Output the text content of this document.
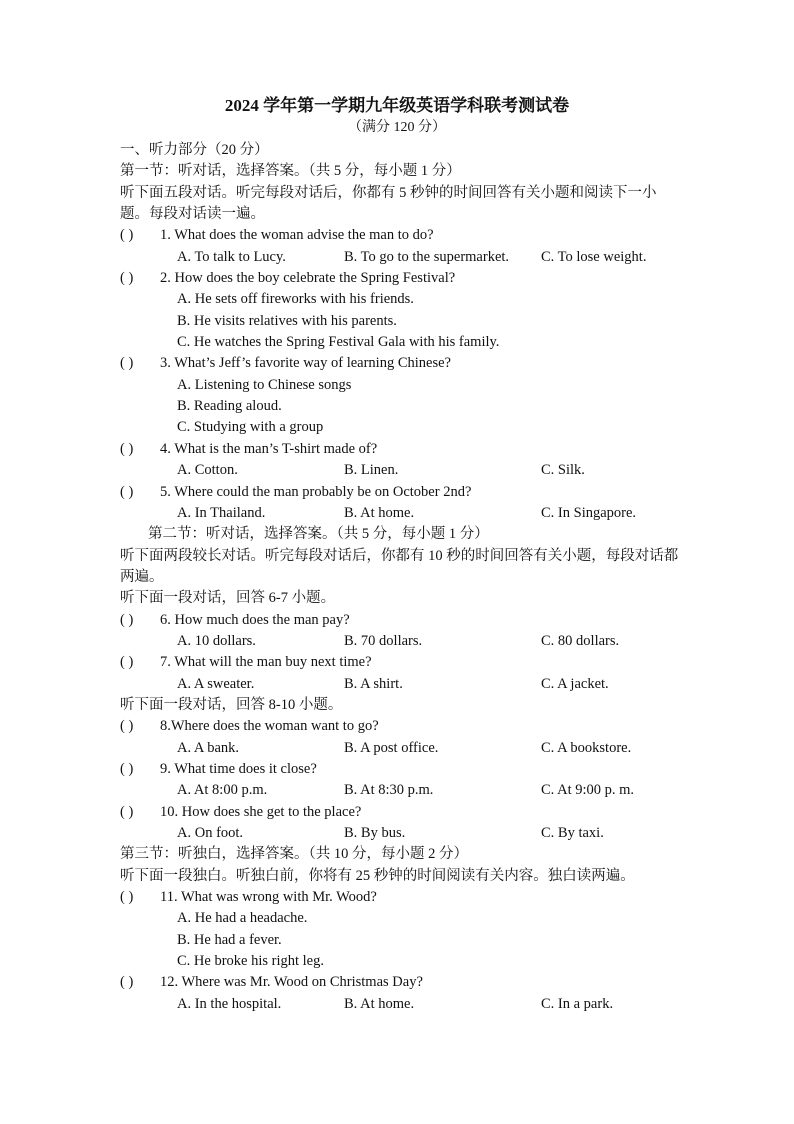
2024 学年第一学期九年级英语学科联考测试卷
（满分 120 分）
一、听力部分（20 分）
第一节：听对话，选择答案。（共 5 分，每小题 1 分）
听下面五段对话。听完每段对话后，你都有 5 秒钟的时间回答有关小题和阅读下一小题。每段对话读一遍。
( ) 1. What does the woman advise the man to do?
A. To talk to Lucy.	B. To go to the supermarket. C. To lose weight.
( ) 2. How does the boy celebrate the Spring Festival?
A. He sets off fireworks with his friends.
B. He visits relatives with his parents.
C. He watches the Spring Festival Gala with his family.
( ) 3. What’s Jeff’s favorite way of learning Chinese?
A. Listening to Chinese songs
B. Reading aloud.
C. Studying with a group
( ) 4. What is the man’s T-shirt made of?
A. Cotton.	B. Linen.	C. Silk.
( ) 5. Where could the man probably be on October 2nd?
A. In Thailand.	B. At home.	C. In Singapore.
第二节：听对话，选择答案。（共 5 分，每小题 1 分）
听下面两段较长对话。听完每段对话后，你都有 10 秒的时间回答有关小题，每段对话都两遍。
听下面一段对话，回答 6-7 小题。
( ) 6. How much does the man pay?
A. 10 dollars.	B. 70 dollars.	C. 80 dollars.
( ) 7. What will the man buy next time?
A. A sweater.	B. A shirt.	C. A jacket.
听下面一段对话，回答 8-10 小题。
( ) 8.Where does the woman want to go?
A. A bank.	B. A post office.	C. A bookstore.
( ) 9. What time does it close?
A. At 8:00 p.m.	B. At 8:30 p.m.	C. At 9:00 p. m.
( ) 10. How does she get to the place?
A. On foot.	B. By bus.	C. By taxi.
第三节：听独白，选择答案。（共 10 分，每小题 2 分）
听下面一段独白。听独白前，你将有 25 秒钟的时间阅读有关内容。独白读两遍。
( ) 11. What was wrong with Mr. Wood?
A. He had a headache.
B. He had a fever.
C. He broke his right leg.
( ) 12. Where was Mr. Wood on Christmas Day?
A. In the hospital.	B. At home.	C. In a park.
